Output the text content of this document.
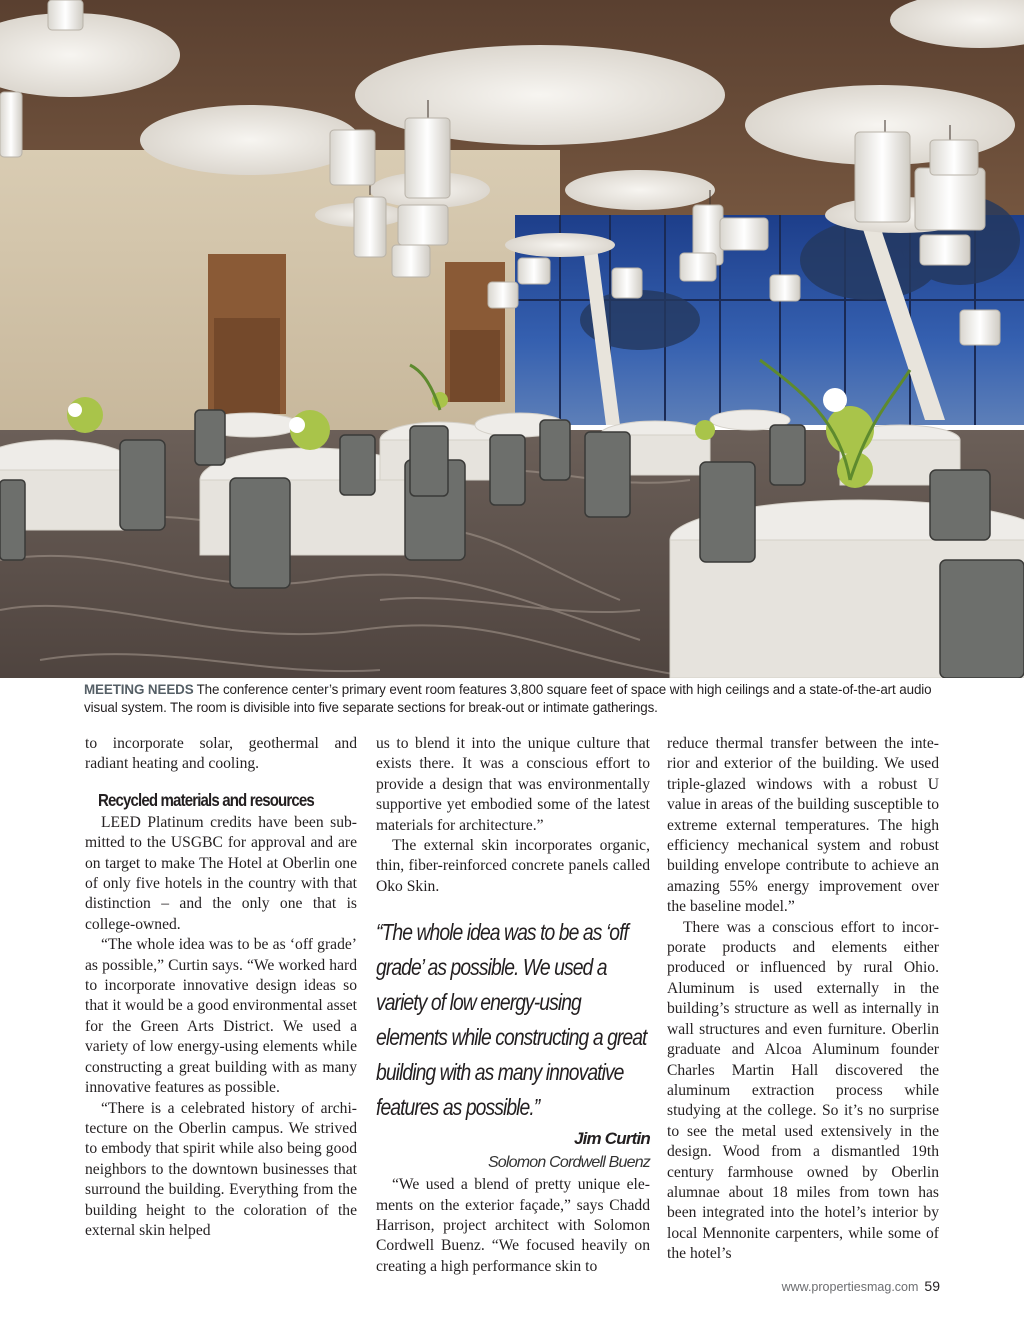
MEETING NEEDS The conference center’s primary event room features 3,800 square feet of space with high ceilings and a state-of-the-art audio visual system. The room is divisible into five separate sections for break-out or intimate gatherings.

to incorporate solar, geothermal and radiant heating and cooling.

Recycled materials and resources

LEED Platinum credits have been submitted to the USGBC for approval and are on target to make The Hotel at Oberlin one of only five hotels in the country with that distinction – and the only one that is college-owned.

“The whole idea was to be as ‘off grade’ as possible,” Curtin says. “We worked hard to incorporate innovative design ideas so that it would be a good environmental asset for the Green Arts District. We used a variety of low energy-using elements while constructing a great building with as many innovative features as possible.

“There is a celebrated history of architecture on the Oberlin campus. We strived to embody that spirit while also being good neighbors to the downtown businesses that surround the building. Everything from the building height to the coloration of the external skin helped

us to blend it into the unique culture that exists there. It was a conscious effort to provide a design that was environmentally supportive yet embodied some of the latest materials for architecture.”

The external skin incorporates organic, thin, fiber-reinforced concrete panels called Oko Skin.

“The whole idea was to be as ‘off grade’ as possible. We used a variety of low energy-using elements while constructing a great building with as many innovative features as possible.”
Jim Curtin
Solomon Cordwell Buenz

“We used a blend of pretty unique elements on the exterior façade,” says Chadd Harrison, project architect with Solomon Cordwell Buenz. “We focused heavily on creating a high performance skin to

reduce thermal transfer between the interior and exterior of the building. We used triple-glazed windows with a robust U value in areas of the building susceptible to extreme external temperatures. The high efficiency mechanical system and robust building envelope contribute to achieve an amazing 55% energy improvement over the baseline model.”

There was a conscious effort to incorporate products and elements either produced or influenced by rural Ohio. Aluminum is used externally in the building’s structure as well as internally in wall structures and even furniture. Oberlin graduate and Alcoa Aluminum founder Charles Martin Hall discovered the aluminum extraction process while studying at the college. So it’s no surprise to see the metal used extensively in the design. Wood from a dismantled 19th century farmhouse owned by Oberlin alumnae about 18 miles from town has been integrated into the hotel’s interior by local Mennonite carpenters, while some of the hotel’s

www.propertiesmag.com 59
